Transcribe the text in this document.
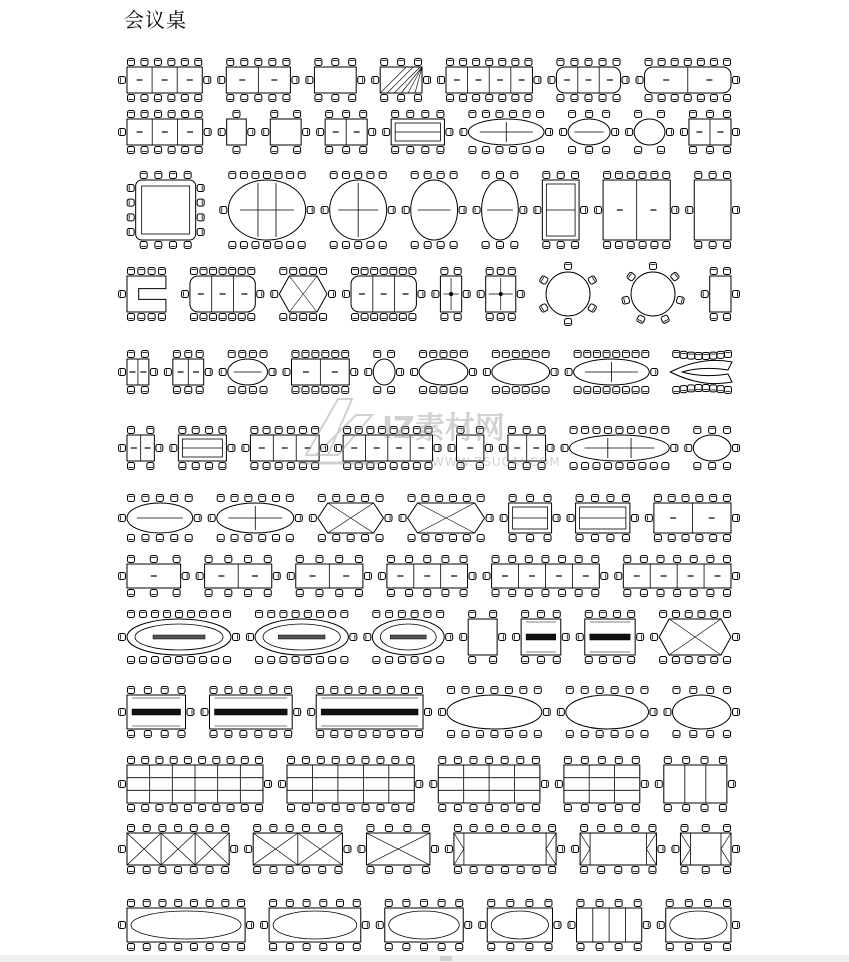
会议桌
IZ素材网
WWW.ZSUCAI.COM
